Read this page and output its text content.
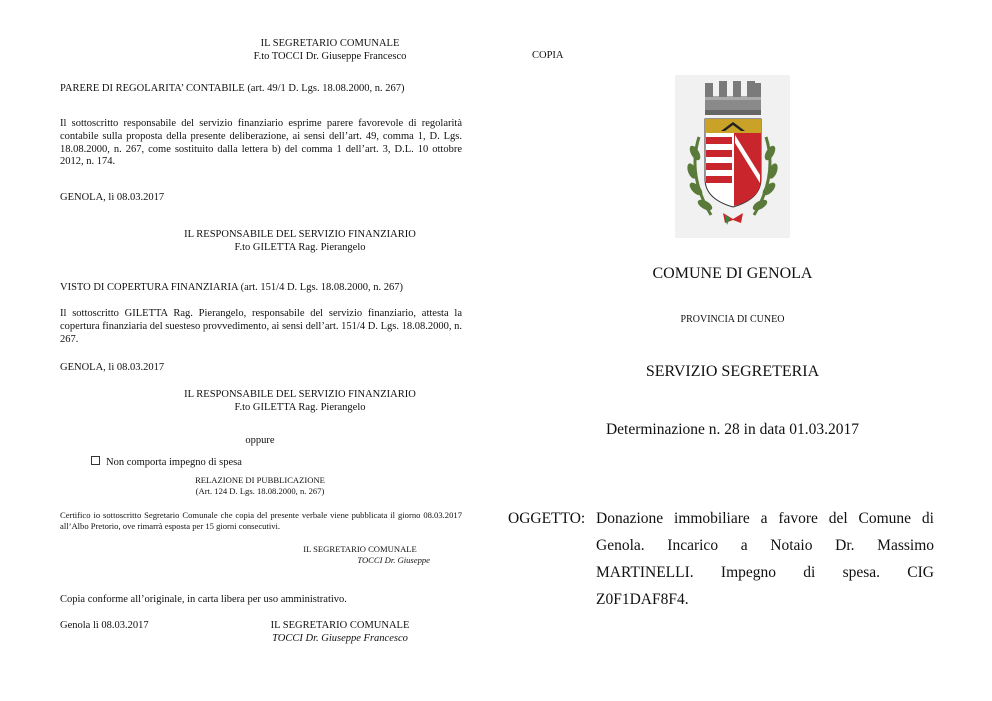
IL SEGRETARIO COMUNALE
F.to TOCCI Dr. Giuseppe Francesco
PARERE DI REGOLARITA’ CONTABILE (art. 49/1 D. Lgs. 18.08.2000, n. 267)
Il sottoscritto responsabile del servizio finanziario esprime parere favorevole di regolarità contabile sulla proposta della presente deliberazione, ai sensi dell’art. 49, comma 1, D. Lgs. 18.08.2000, n. 267, come sostituito dalla lettera b) del comma 1 dell’art. 3, D.L. 10 ottobre 2012, n. 174.
GENOLA, lì 08.03.2017
IL RESPONSABILE DEL SERVIZIO FINANZIARIO
F.to GILETTA Rag. Pierangelo
VISTO DI COPERTURA FINANZIARIA (art. 151/4 D. Lgs. 18.08.2000, n. 267)
Il sottoscritto GILETTA Rag. Pierangelo, responsabile del servizio finanziario, attesta la copertura finanziaria del suesteso provvedimento, ai sensi dell’art. 151/4 D. Lgs. 18.08.2000, n. 267.
GENOLA, lì 08.03.2017
IL RESPONSABILE DEL SERVIZIO FINANZIARIO
F.to GILETTA Rag. Pierangelo
oppure
Non comporta impegno di spesa
RELAZIONE DI PUBBLICAZIONE
(Art. 124 D. Lgs. 18.08.2000, n. 267)
Certifico io sottoscritto Segretario Comunale che copia del presente verbale viene pubblicata il giorno 08.03.2017 all’Albo Pretorio, ove rimarrà esposta per 15 giorni consecutivi.
IL SEGRETARIO COMUNALE
TOCCI Dr. Giuseppe
Copia conforme all’originale, in carta libera per uso amministrativo.
Genola lì 08.03.2017	IL SEGRETARIO COMUNALE
TOCCI Dr. Giuseppe Francesco
COPIA
COMUNE DI GENOLA
PROVINCIA DI CUNEO
SERVIZIO SEGRETERIA
Determinazione n. 28 in data 01.03.2017
OGGETTO: Donazione immobiliare a favore del Comune di
Genola. Incarico a Notaio Dr. Massimo
MARTINELLI. Impegno di spesa. CIG
Z0F1DAF8F4.
